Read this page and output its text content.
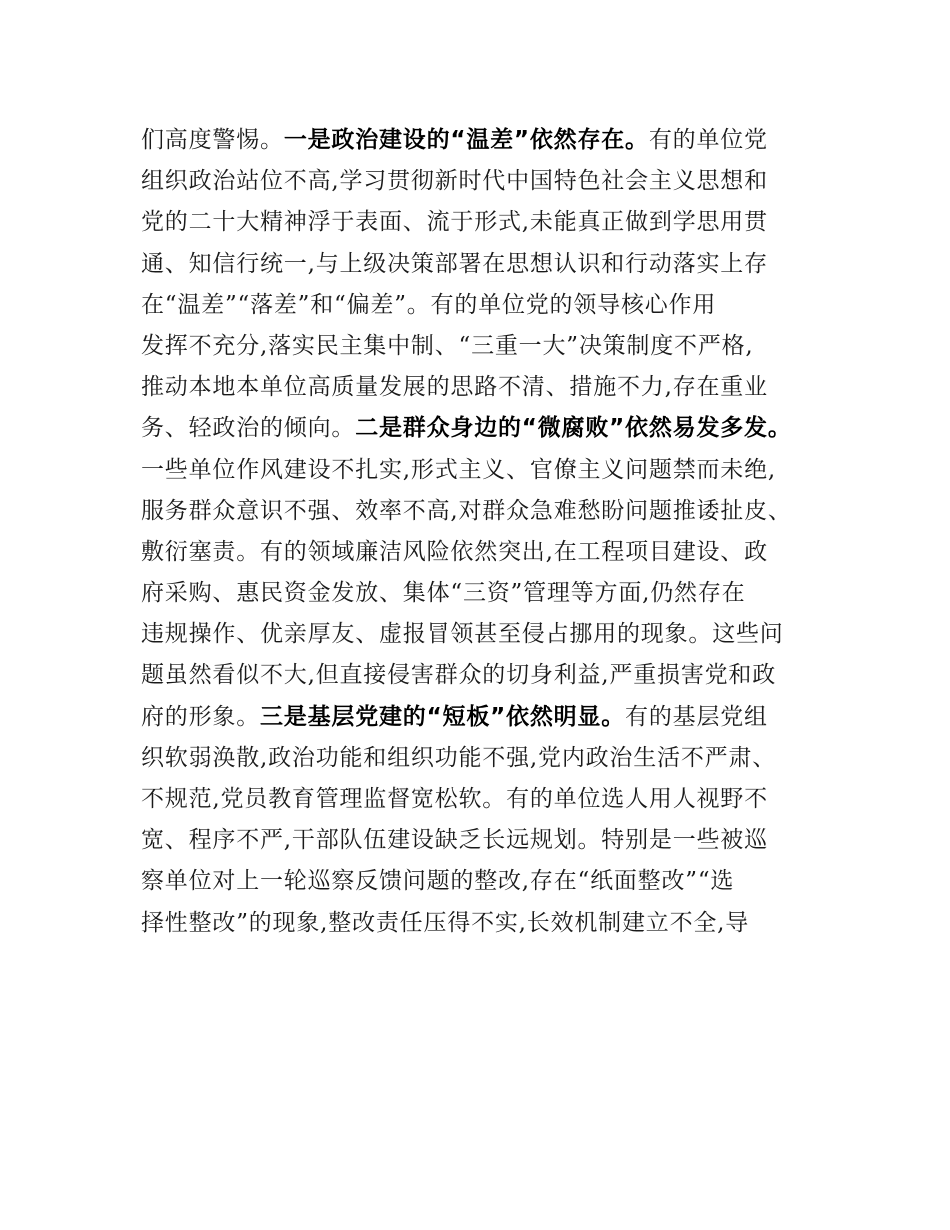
们高度警惕。一是政治建设的“温差”依然存在。有的单位党
组织政治站位不高,学习贯彻新时代中国特色社会主义思想和
党的二十大精神浮于表面、流于形式,未能真正做到学思用贯
通、知信行统一,与上级决策部署在思想认识和行动落实上存
在“温差”“落差”和“偏差”。有的单位党的领导核心作用
发挥不充分,落实民主集中制、“三重一大”决策制度不严格,
推动本地本单位高质量发展的思路不清、措施不力,存在重业
务、轻政治的倾向。二是群众身边的“微腐败”依然易发多发。
一些单位作风建设不扎实,形式主义、官僚主义问题禁而未绝,
服务群众意识不强、效率不高,对群众急难愁盼问题推诿扯皮、
敷衍塞责。有的领域廉洁风险依然突出,在工程项目建设、政
府采购、惠民资金发放、集体“三资”管理等方面,仍然存在
违规操作、优亲厚友、虚报冒领甚至侵占挪用的现象。这些问
题虽然看似不大,但直接侵害群众的切身利益,严重损害党和政
府的形象。三是基层党建的“短板”依然明显。有的基层党组
织软弱涣散,政治功能和组织功能不强,党内政治生活不严肃、
不规范,党员教育管理监督宽松软。有的单位选人用人视野不
宽、程序不严,干部队伍建设缺乏长远规划。特别是一些被巡
察单位对上一轮巡察反馈问题的整改,存在“纸面整改”“选
择性整改”的现象,整改责任压得不实,长效机制建立不全,导
